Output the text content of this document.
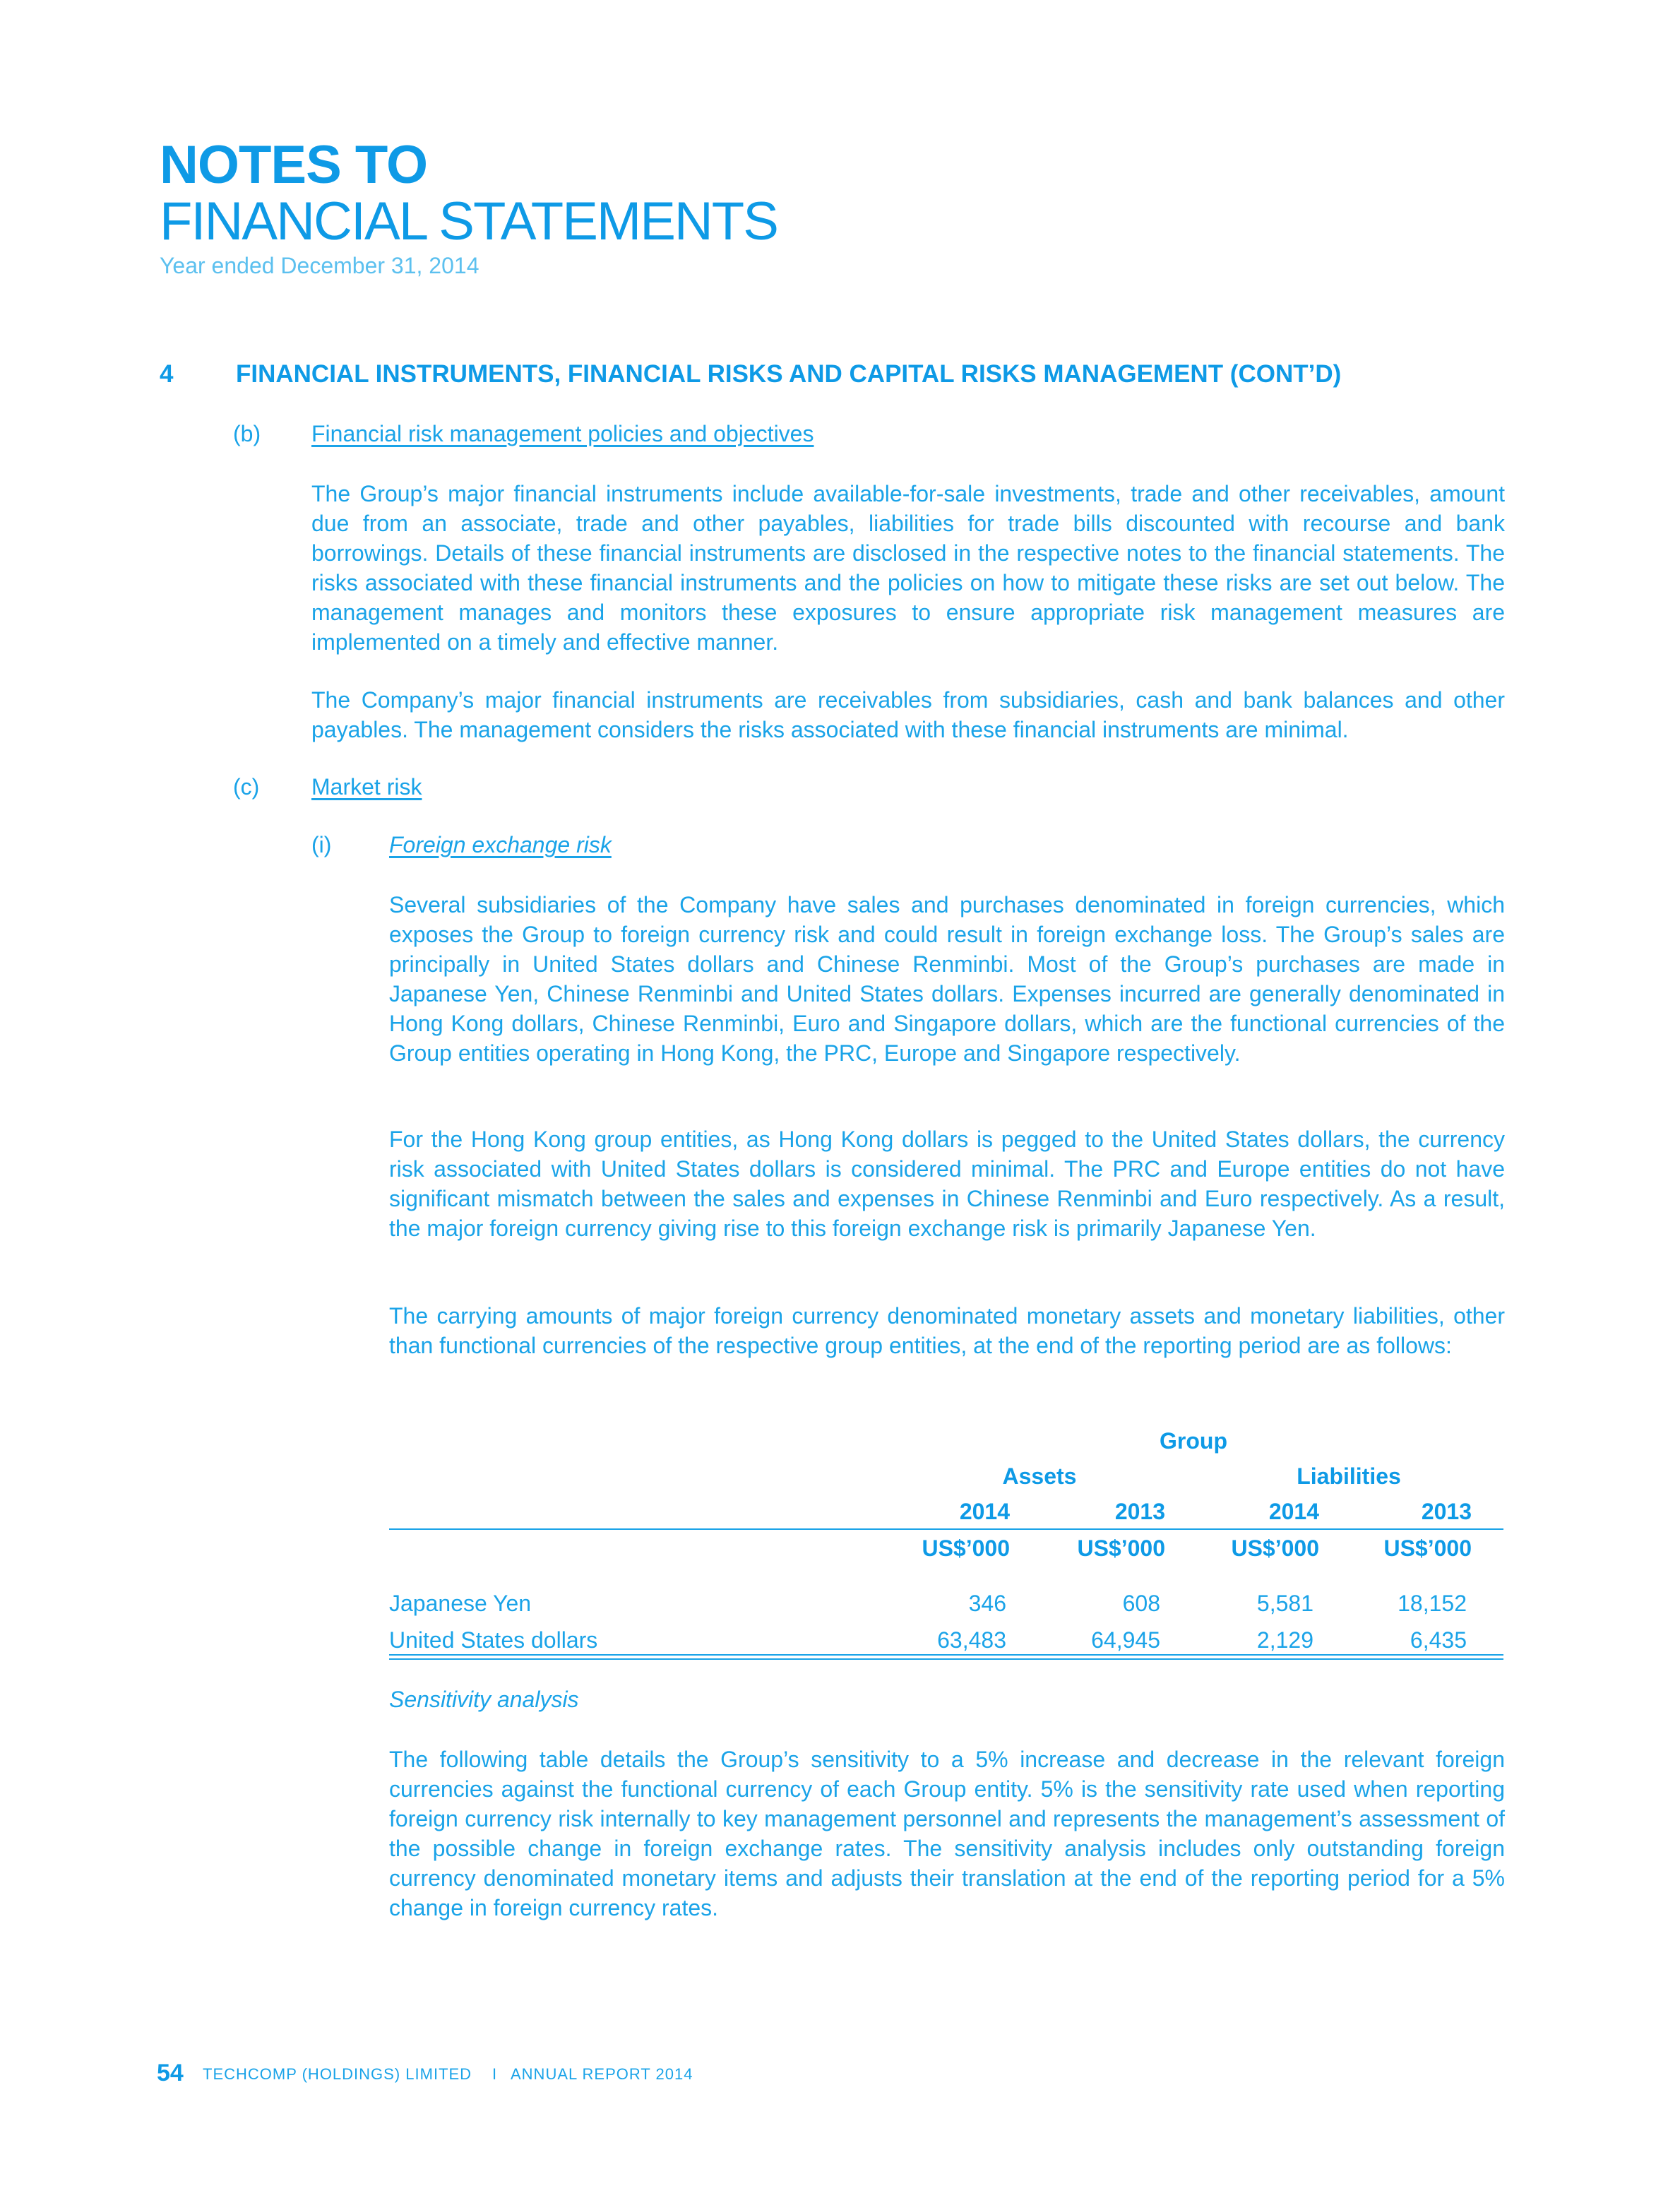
NOTES TO
FINANCIAL STATEMENTS
Year ended December 31, 2014
4	FINANCIAL INSTRUMENTS, FINANCIAL RISKS AND CAPITAL RISKS MANAGEMENT (CONT’D)
(b) Financial risk management policies and objectives

The Group’s major financial instruments include available-for-sale investments, trade and other receivables, amount due from an associate, trade and other payables, liabilities for trade bills discounted with recourse and bank borrowings. Details of these financial instruments are disclosed in the respective notes to the financial statements. The risks associated with these financial instruments and the policies on how to mitigate these risks are set out below. The management manages and monitors these exposures to ensure appropriate risk management measures are implemented on a timely and effective manner.

The Company’s major financial instruments are receivables from subsidiaries, cash and bank balances and other payables. The management considers the risks associated with these financial instruments are minimal.

(c) Market risk
(i)	Foreign exchange risk

Several subsidiaries of the Company have sales and purchases denominated in foreign currencies, which exposes the Group to foreign currency risk and could result in foreign exchange loss. The Group’s sales are principally in United States dollars and Chinese Renminbi. Most of the Group’s purchases are made in Japanese Yen, Chinese Renminbi and United States dollars. Expenses incurred are generally denominated in Hong Kong dollars, Chinese Renminbi, Euro and Singapore dollars, which are the functional currencies of the Group entities operating in Hong Kong, the PRC, Europe and Singapore respectively.

For the Hong Kong group entities, as Hong Kong dollars is pegged to the United States dollars, the currency risk associated with United States dollars is considered minimal. The PRC and Europe entities do not have significant mismatch between the sales and expenses in Chinese Renminbi and Euro respectively. As a result, the major foreign currency giving rise to this foreign exchange risk is primarily Japanese Yen.

The carrying amounts of major foreign currency denominated monetary assets and monetary liabilities, other than functional currencies of the respective group entities, at the end of the reporting period are as follows:

Group
Assets	Liabilities
2014	2013	2014	2013
US$’000	US$’000	US$’000	US$’000
Japanese Yen	346	608	5,581	18,152
United States dollars	63,483	64,945	2,129	6,435
Sensitivity analysis

The following table details the Group’s sensitivity to a 5% increase and decrease in the relevant foreign currencies against the functional currency of each Group entity. 5% is the sensitivity rate used when reporting foreign currency risk internally to key management personnel and represents the management’s assessment of the possible change in foreign exchange rates. The sensitivity analysis includes only outstanding foreign currency denominated monetary items and adjusts their translation at the end of the reporting period for a 5% change in foreign currency rates.

54 TECHCOMP (HOLDINGS) LIMITED I ANNUAL REPORT 2014
